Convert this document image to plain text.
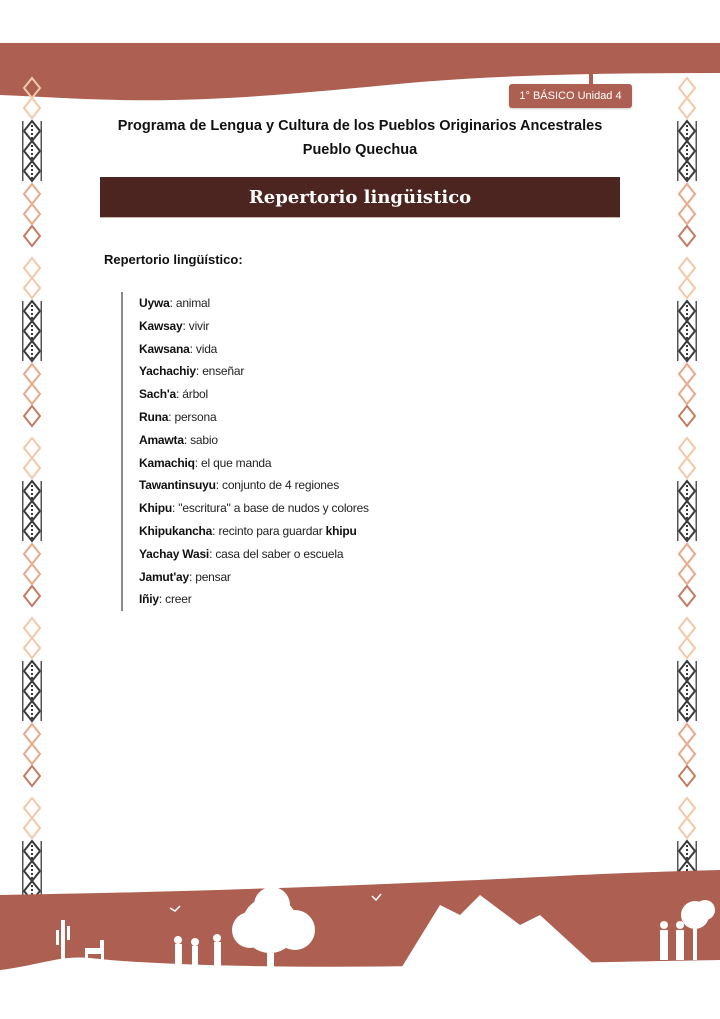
1° BÁSICO Unidad 4
Programa de Lengua y Cultura de los Pueblos Originarios Ancestrales
Pueblo Quechua
Repertorio lingüistico
Repertorio lingüístico:
Uywa: animal
Kawsay: vivir
Kawsana: vida
Yachachiy: enseñar
Sach'a: árbol
Runa: persona
Amawta: sabio
Kamachiq: el que manda
Tawantinsuyu: conjunto de 4 regiones
Khipu: "escritura" a base de nudos y colores
Khipukancha: recinto para guardar khipu
Yachay Wasi: casa del saber o escuela
Jamut'ay: pensar
Iñiy: creer
